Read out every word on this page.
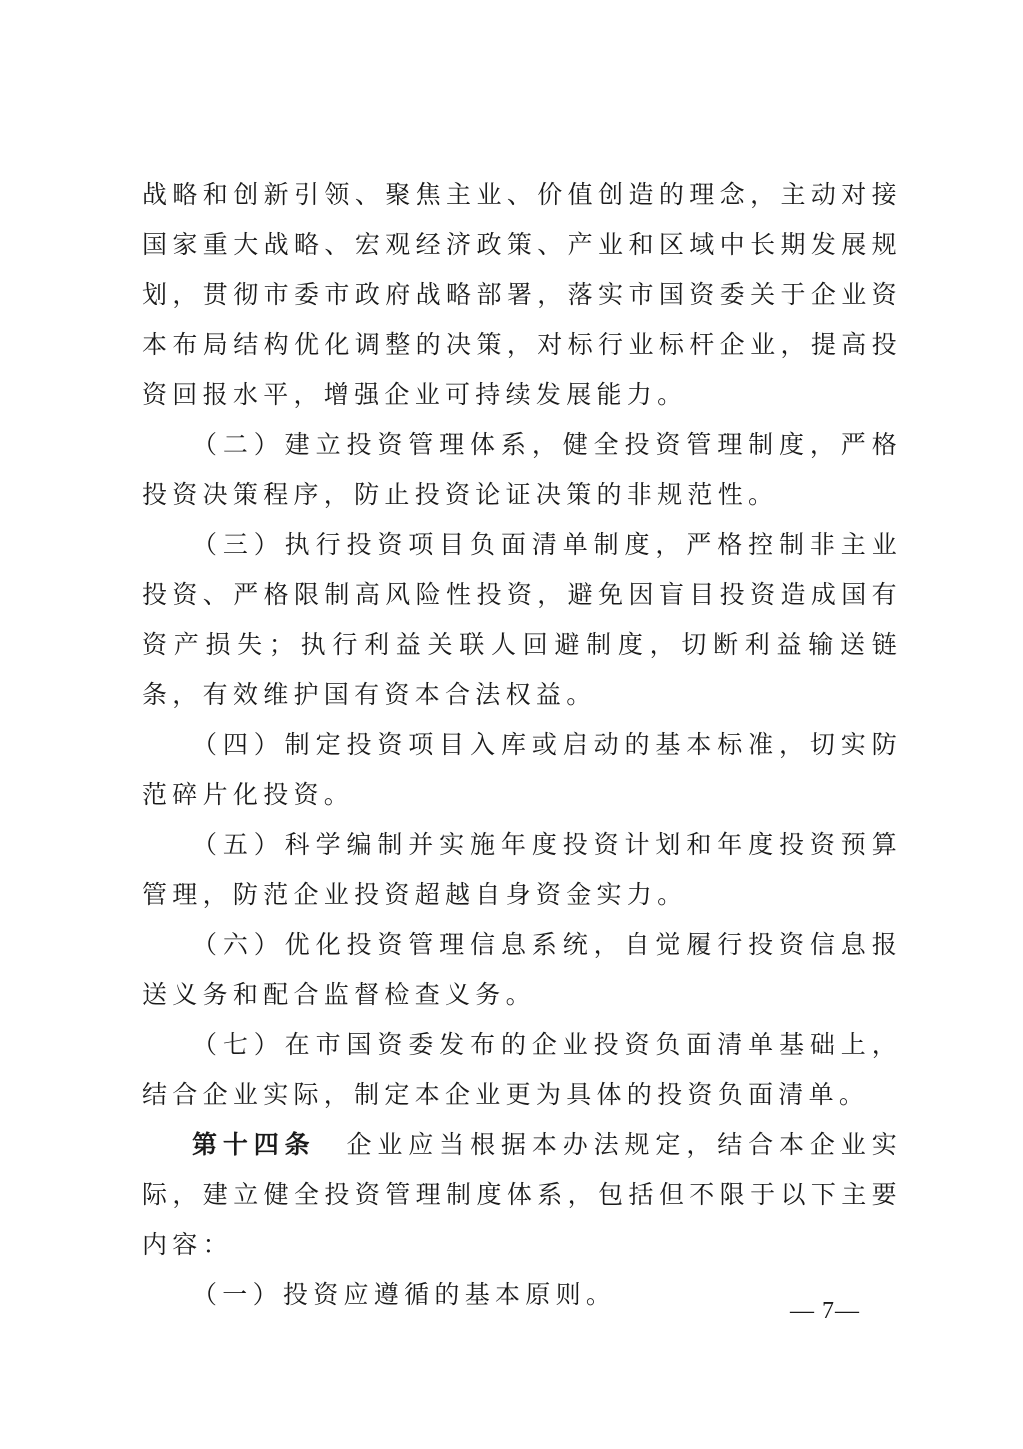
战略和创新引领、聚焦主业、价值创造的理念，主动对接国家重大战略、宏观经济政策、产业和区域中长期发展规划，贯彻市委市政府战略部署，落实市国资委关于企业资本布局结构优化调整的决策，对标行业标杆企业，提高投资回报水平，增强企业可持续发展能力。

（二）建立投资管理体系，健全投资管理制度，严格投资决策程序，防止投资论证决策的非规范性。

（三）执行投资项目负面清单制度，严格控制非主业投资、严格限制高风险性投资，避免因盲目投资造成国有资产损失；执行利益关联人回避制度，切断利益输送链条，有效维护国有资本合法权益。

（四）制定投资项目入库或启动的基本标准，切实防范碎片化投资。

（五）科学编制并实施年度投资计划和年度投资预算管理，防范企业投资超越自身资金实力。

（六）优化投资管理信息系统，自觉履行投资信息报送义务和配合监督检查义务。

（七）在市国资委发布的企业投资负面清单基础上，结合企业实际，制定本企业更为具体的投资负面清单。

第十四条  企业应当根据本办法规定，结合本企业实际，建立健全投资管理制度体系，包括但不限于以下主要内容：

（一）投资应遵循的基本原则。

— 7—
